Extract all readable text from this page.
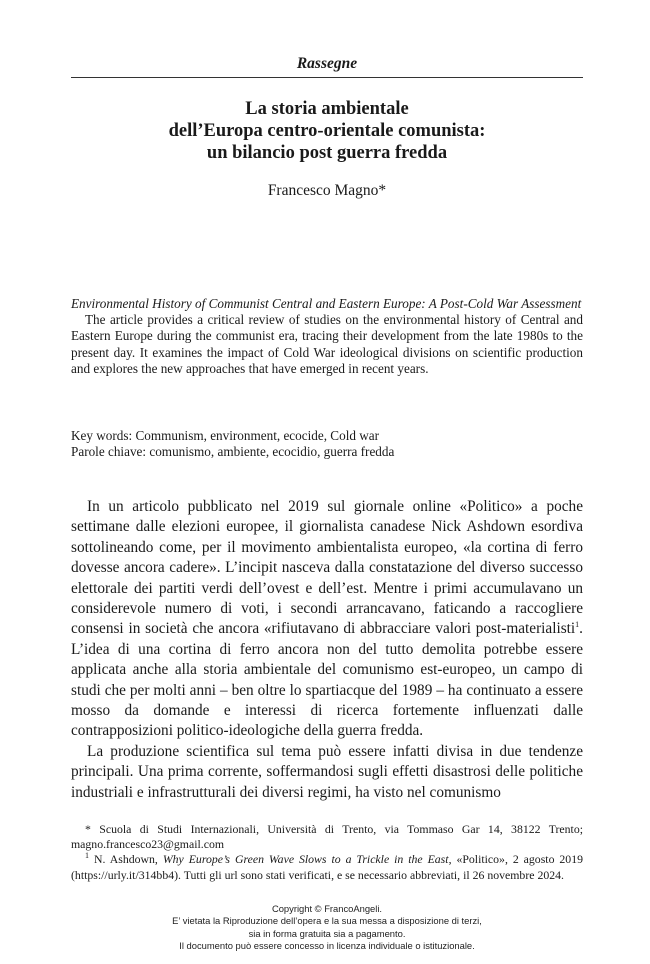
Rassegne
La storia ambientale
dell’Europa centro-orientale comunista:
un bilancio post guerra fredda
Francesco Magno*
Environmental History of Communist Central and Eastern Europe: A Post-Cold War Assessment

The article provides a critical review of studies on the environmental history of Central and Eastern Europe during the communist era, tracing their development from the late 1980s to the present day. It examines the impact of Cold War ideological divisions on scientific production and explores the new approaches that have emerged in recent years.

Key words: Communism, environment, ecocide, Cold war
Parole chiave: comunismo, ambiente, ecocidio, guerra fredda

In un articolo pubblicato nel 2019 sul giornale online «Politico» a poche settimane dalle elezioni europee, il giornalista canadese Nick Ashdown esordiva sottolineando come, per il movimento ambientalista europeo, «la cortina di ferro dovesse ancora cadere». L’incipit nasceva dalla constatazione del diverso successo elettorale dei partiti verdi dell’ovest e dell’est. Mentre i primi accumulavano un considerevole numero di voti, i secondi arrancavano, faticando a raccogliere consensi in società che ancora «rifiutavano di abbracciare valori post-materialisti$^1$. L’idea di una cortina di ferro ancora non del tutto demolita potrebbe essere applicata anche alla storia ambientale del comunismo est-europeo, un campo di studi che per molti anni – ben oltre lo spartiacque del 1989 – ha continuato a essere mosso da domande e interessi di ricerca fortemente influenzati dalle contrapposizioni politico-ideologiche della guerra fredda.

La produzione scientifica sul tema può essere infatti divisa in due tendenze principali. Una prima corrente, soffermandosi sugli effetti disastrosi delle politiche industriali e infrastrutturali dei diversi regimi, ha visto nel comunismo

* Scuola di Studi Internazionali, Università di Trento, via Tommaso Gar 14, 38122 Trento; magno.francesco23@gmail.com

$^1$ N. Ashdown, Why Europe’s Green Wave Slows to a Trickle in the East, «Politico», 2 agosto 2019 (https://urly.it/314bb4). Tutti gli url sono stati verificati, e se necessario abbreviati, il 26 novembre 2024.

Copyright © FrancoAngeli.
E’ vietata la Riproduzione dell’opera e la sua messa a disposizione di terzi,
sia in forma gratuita sia a pagamento.
Il documento può essere concesso in licenza individuale o istituzionale.
